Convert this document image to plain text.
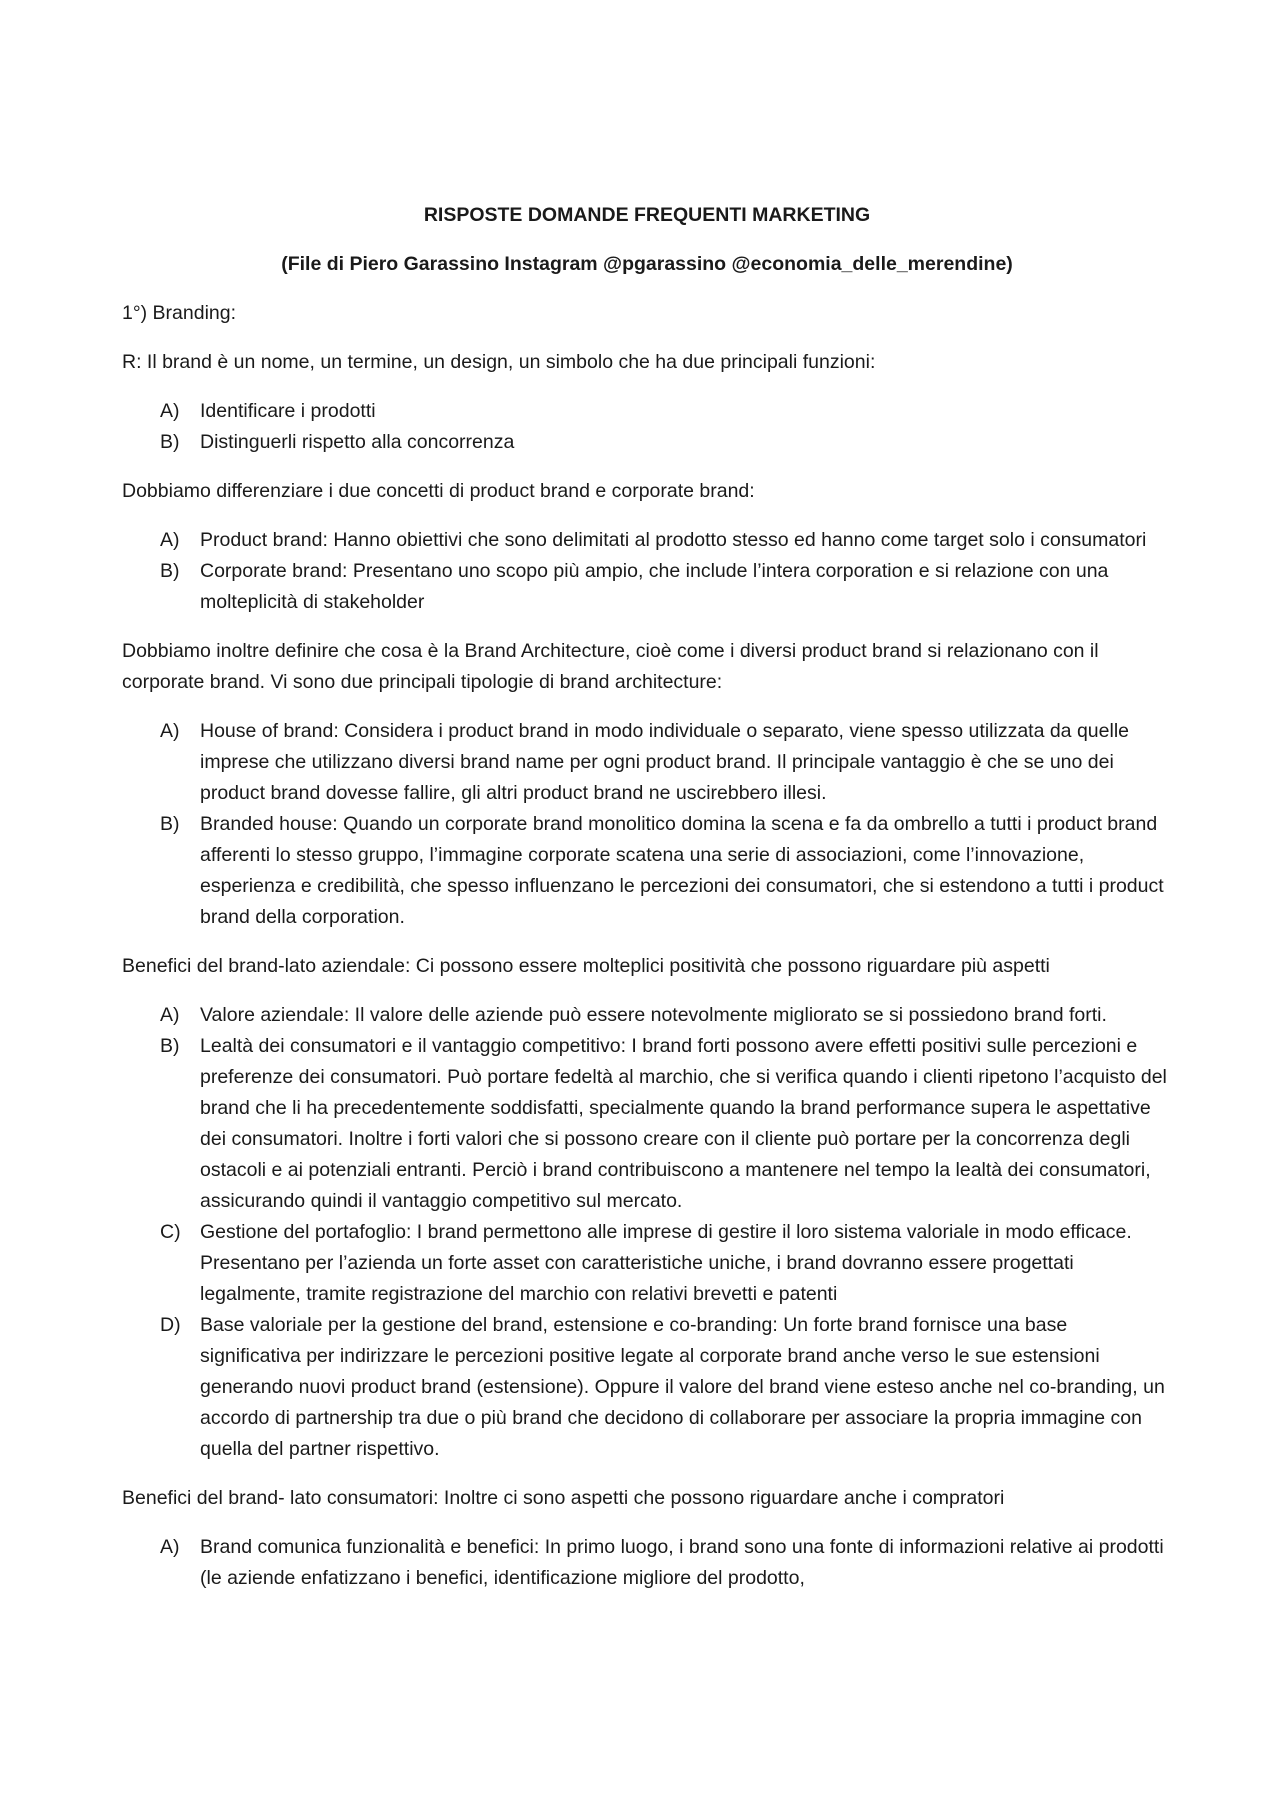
RISPOSTE DOMANDE FREQUENTI MARKETING
(File di Piero Garassino Instagram @pgarassino @economia_delle_merendine)
1°) Branding:

R: Il brand è un nome, un termine, un design, un simbolo che ha due principali funzioni:

A) Identificare i prodotti
B) Distinguerli rispetto alla concorrenza

Dobbiamo differenziare i due concetti di product brand e corporate brand:

A) Product brand: Hanno obiettivi che sono delimitati al prodotto stesso ed hanno come target solo i consumatori
B) Corporate brand: Presentano uno scopo più ampio, che include l’intera corporation e si relazione con una molteplicità di stakeholder

Dobbiamo inoltre definire che cosa è la Brand Architecture, cioè come i diversi product brand si relazionano con il corporate brand. Vi sono due principali tipologie di brand architecture:

A) House of brand: Considera i product brand in modo individuale o separato, viene spesso utilizzata da quelle imprese che utilizzano diversi brand name per ogni product brand. Il principale vantaggio è che se uno dei product brand dovesse fallire, gli altri product brand ne uscirebbero illesi.
B) Branded house: Quando un corporate brand monolitico domina la scena e fa da ombrello a tutti i product brand afferenti lo stesso gruppo, l’immagine corporate scatena una serie di associazioni, come l’innovazione, esperienza e credibilità, che spesso influenzano le percezioni dei consumatori, che si estendono a tutti i product brand della corporation.

Benefici del brand-lato aziendale: Ci possono essere molteplici positività che possono riguardare più aspetti

A) Valore aziendale: Il valore delle aziende può essere notevolmente migliorato se si possiedono brand forti.
B) Lealtà dei consumatori e il vantaggio competitivo: I brand forti possono avere effetti positivi sulle percezioni e preferenze dei consumatori. Può portare fedeltà al marchio, che si verifica quando i clienti ripetono l’acquisto del brand che li ha precedentemente soddisfatti, specialmente quando la brand performance supera le aspettative dei consumatori. Inoltre i forti valori che si possono creare con il cliente può portare per la concorrenza degli ostacoli e ai potenziali entranti. Perciò i brand contribuiscono a mantenere nel tempo la lealtà dei consumatori, assicurando quindi il vantaggio competitivo sul mercato.
C) Gestione del portafoglio: I brand permettono alle imprese di gestire il loro sistema valoriale in modo efficace. Presentano per l’azienda un forte asset con caratteristiche uniche, i brand dovranno essere progettati legalmente, tramite registrazione del marchio con relativi brevetti e patenti
D) Base valoriale per la gestione del brand, estensione e co-branding: Un forte brand fornisce una base significativa per indirizzare le percezioni positive legate al corporate brand anche verso le sue estensioni generando nuovi product brand (estensione). Oppure il valore del brand viene esteso anche nel co-branding, un accordo di partnership tra due o più brand che decidono di collaborare per associare la propria immagine con quella del partner rispettivo.

Benefici del brand- lato consumatori: Inoltre ci sono aspetti che possono riguardare anche i compratori

A) Brand comunica funzionalità e benefici: In primo luogo, i brand sono una fonte di informazioni relative ai prodotti (le aziende enfatizzano i benefici, identificazione migliore del prodotto,
